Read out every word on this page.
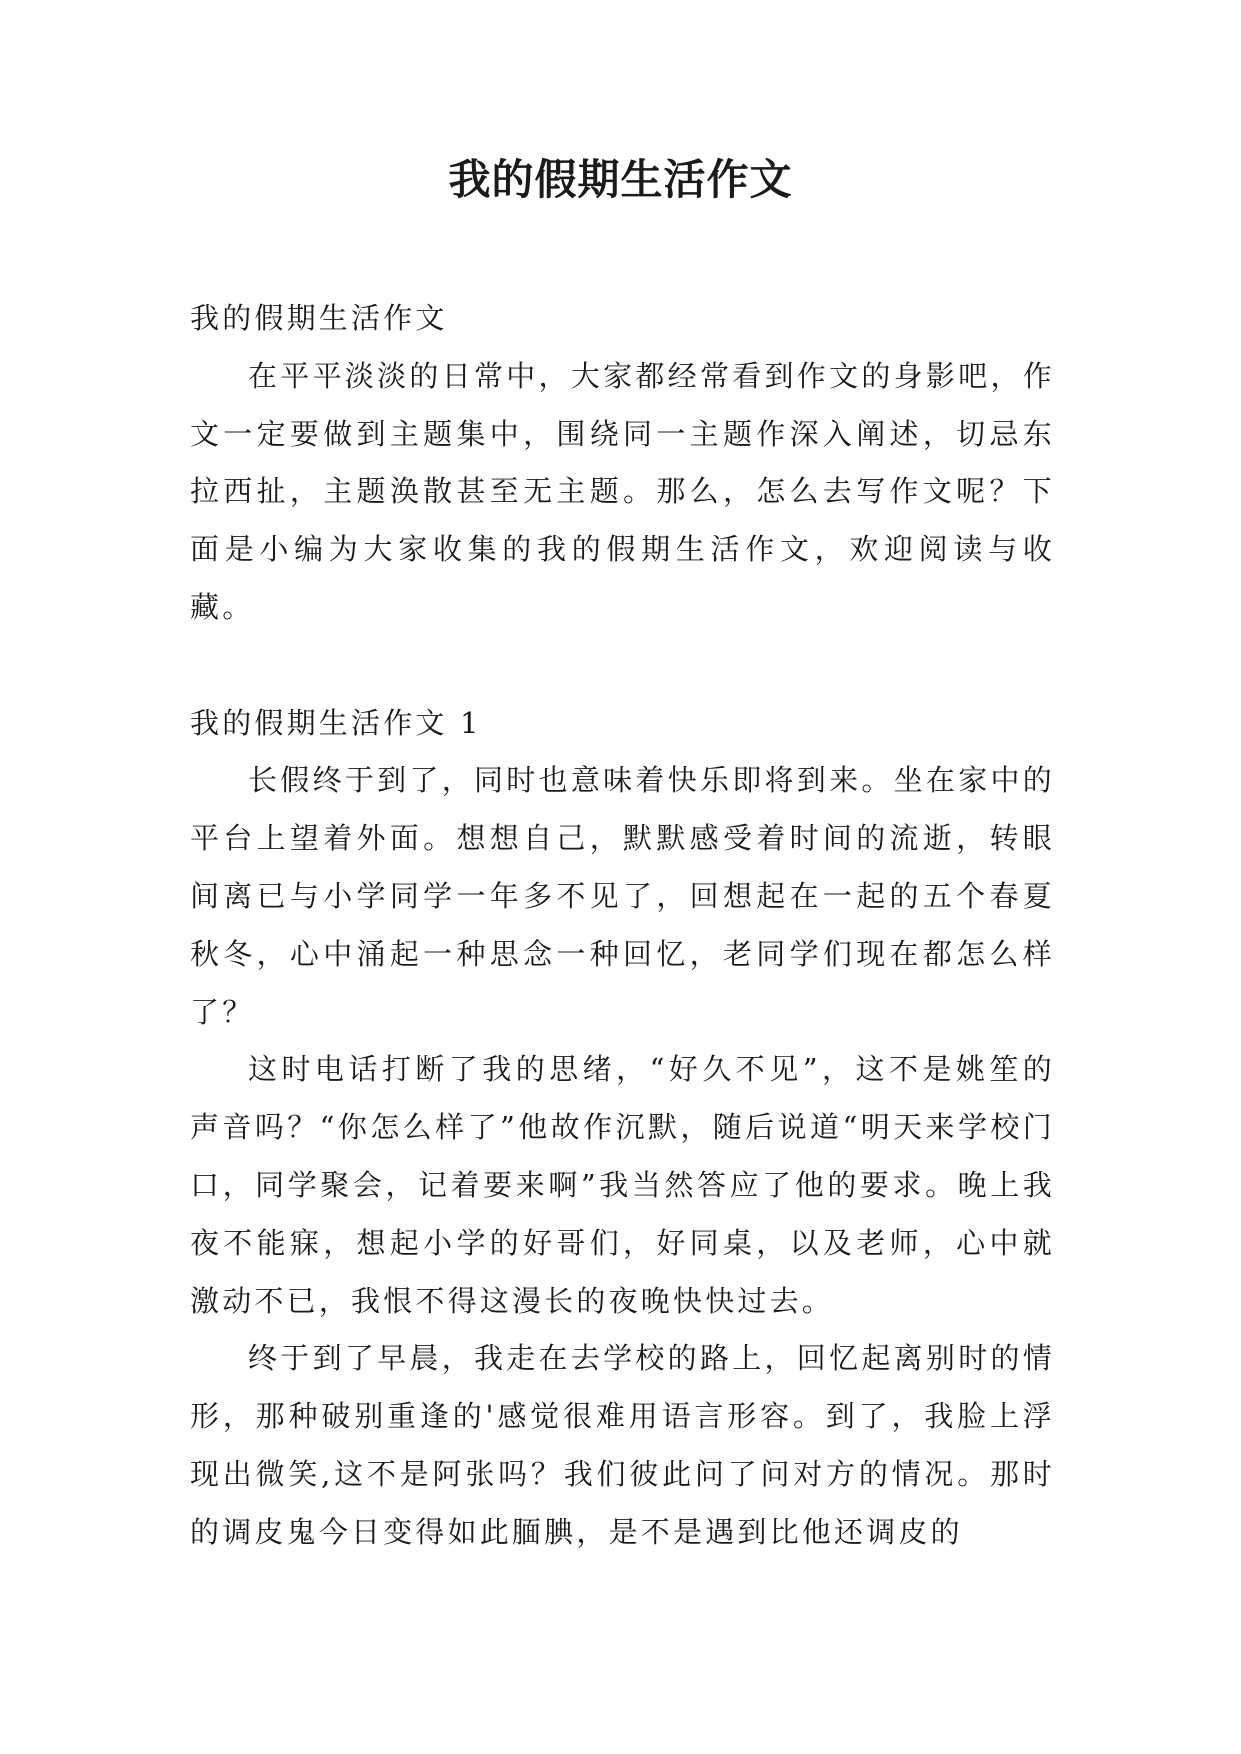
我的假期生活作文

我的假期生活作文

在平平淡淡的日常中，大家都经常看到作文的身影吧，作文一定要做到主题集中，围绕同一主题作深入阐述，切忌东拉西扯，主题涣散甚至无主题。那么，怎么去写作文呢？下面是小编为大家收集的我的假期生活作文，欢迎阅读与收藏。

我的假期生活作文 1

长假终于到了，同时也意味着快乐即将到来。坐在家中的平台上望着外面。想想自己，默默感受着时间的流逝，转眼间离已与小学同学一年多不见了，回想起在一起的五个春夏秋冬，心中涌起一种思念一种回忆，老同学们现在都怎么样了？

这时电话打断了我的思绪，“好久不见”，这不是姚笙的声音吗？“你怎么样了”他故作沉默，随后说道“明天来学校门口，同学聚会，记着要来啊”我当然答应了他的要求。晚上我夜不能寐，想起小学的好哥们，好同桌，以及老师，心中就激动不已，我恨不得这漫长的夜晚快快过去。

终于到了早晨，我走在去学校的路上，回忆起离别时的情形，那种破别重逢的'感觉很难用语言形容。到了，我脸上浮现出微笑,这不是阿张吗？我们彼此问了问对方的情况。那时的调皮鬼今日变得如此腼腆，是不是遇到比他还调皮的
